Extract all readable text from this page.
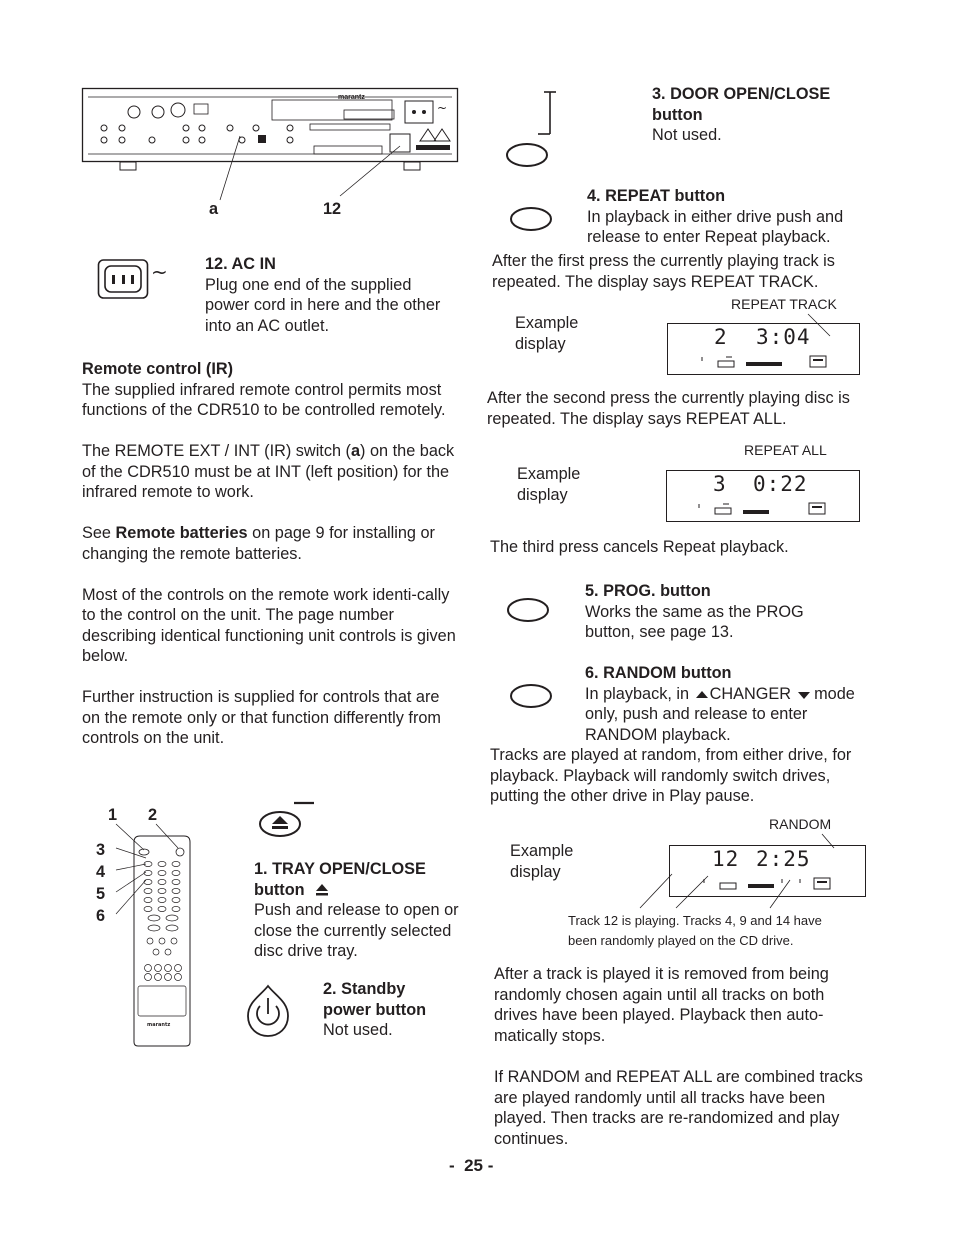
~
marantz
a	12
~ 12. AC IN
Plug one end of the supplied power cord in here and the other into an AC outlet.
Remote control (IR)
The supplied infrared remote control permits most functions of the CDR510 to be controlled remotely.
The REMOTE EXT / INT (IR) switch (a) on the back of the CDR510 must be at INT (left position) for the infrared remote to work.
See Remote batteries on page 9 for installing or changing the remote batteries.
Most of the controls on the remote work identi-cally to the control on the unit. The page number describing identical functioning unit controls is given below.
Further instruction is supplied for controls that are on the remote only or that function differently from controls on the unit.
1 2
3
4
5
6
marantz
1. TRAY OPEN/CLOSE
button
Push and release to open or close the currently selected disc drive tray.
2. Standby
power button
Not used.
3. DOOR OPEN/CLOSE
button
Not used.
4. REPEAT button
In playback in either drive push and release to enter Repeat playback.
After the first press the currently playing track is repeated. The display says REPEAT TRACK.
REPEAT TRACK
Example display	2 3:04
After the second press the currently playing disc is repeated. The display says REPEAT ALL.
REPEAT ALL
Example display	3 0:22
The third press cancels Repeat playback.
5. PROG. button
Works the same as the PROG button, see page 13.
6. RANDOM button
In playback, in CHANGER  mode
only, push and release to enter RANDOM playback.
Tracks are played at random, from either drive, for playback. Playback will randomly switch drives, putting the other drive in Play pause.
RANDOM
Example display
12 2:25
Track 12 is playing. Tracks 4, 9 and 14 have been randomly played on the CD drive.
After a track is played it is removed from being randomly chosen again until all tracks on both drives have been played. Playback then auto-matically stops.
If RANDOM and REPEAT ALL are combined tracks are played randomly until all tracks have been played. Then tracks are re-randomized and play continues.
-  25 -
